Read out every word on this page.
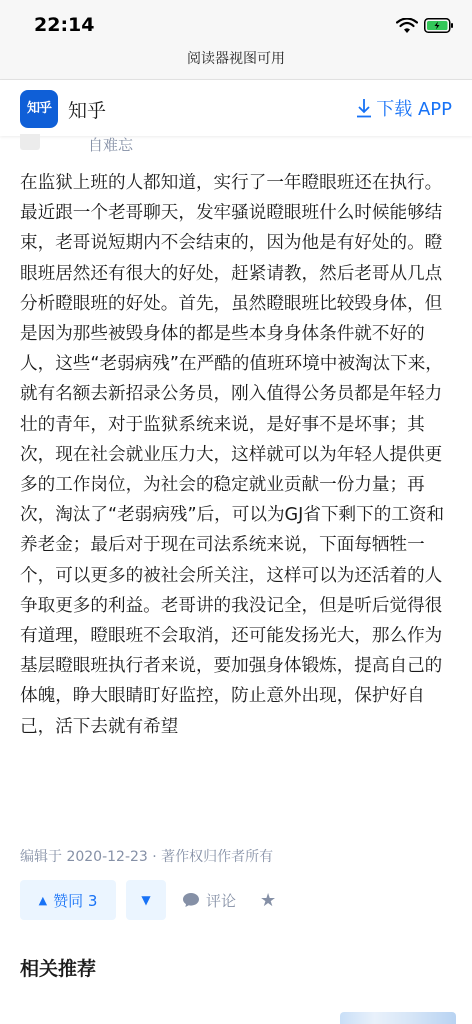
22:14
阅读器视图可用
知乎 知乎	下载 APP
自难忘
在监狱上班的人都知道，实行了一年瞪眼班还在执行。最近跟一个老哥聊天，发牢骚说瞪眼班什么时候能够结束，老哥说短期内不会结束的，因为他是有好处的。瞪眼班居然还有很大的好处，赶紧请教，然后老哥从几点分析瞪眼班的好处。首先，虽然瞪眼班比较毁身体，但是因为那些被毁身体的都是些本身身体条件就不好的人，这些“老弱病残”在严酷的值班环境中被淘汰下来，就有名额去新招录公务员，刚入值得公务员都是年轻力壮的青年，对于监狱系统来说，是好事不是坏事；其次，现在社会就业压力大，这样就可以为年轻人提供更多的工作岗位，为社会的稳定就业贡献一份力量；再次，淘汰了“老弱病残”后，可以为GJ省下剩下的工资和养老金；最后对于现在司法系统来说，下面每牺牲一个，可以更多的被社会所关注，这样可以为还活着的人争取更多的利益。老哥讲的我没记全，但是听后觉得很有道理，瞪眼班不会取消，还可能发扬光大，那么作为基层瞪眼班执行者来说，要加强身体锻炼，提高自己的体魄，睁大眼睛盯好监控，防止意外出现，保护好自己，活下去就有希望
编辑于 2020-12-23 · 著作权归作者所有
▲ 赞同 3	▼	评论 ★
相关推荐
